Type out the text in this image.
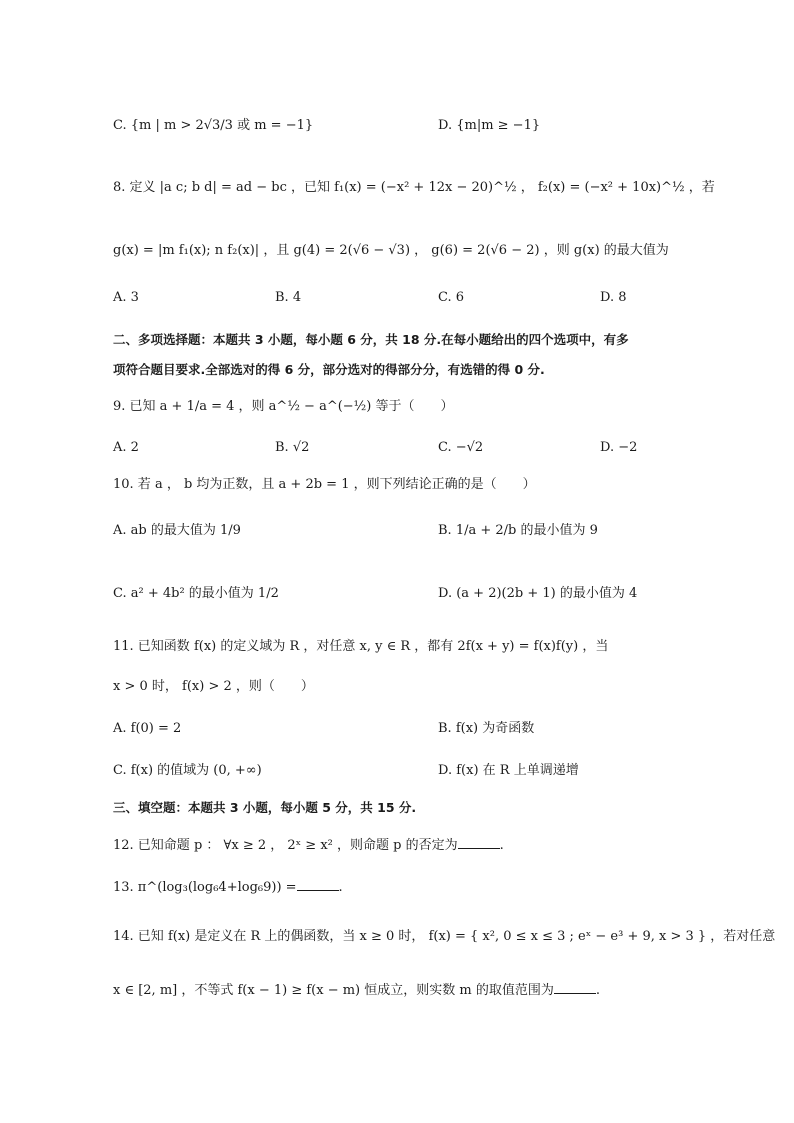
C. {m | m > 2√3/3 或 m = −1}	D. {m|m ≥ −1}
8. 定义 |a c; b d| = ad − bc ，已知 f₁(x) = (−x² + 12x − 20)^½ ， f₂(x) = (−x² + 10x)^½ ，若
g(x) = |m f₁(x); n f₂(x)| ，且 g(4) = 2(√6 − √3) ， g(6) = 2(√6 − 2) ，则 g(x) 的最大值为
A. 3	B. 4	C. 6	D. 8
二、多项选择题：本题共 3 小题，每小题 6 分，共 18 分.在每小题给出的四个选项中，有多
项符合题目要求.全部选对的得 6 分，部分选对的得部分分，有选错的得 0 分.
9. 已知 a + 1/a = 4 ，则 a^½ − a^(−½) 等于（　　）
A. 2	B. √2	C. −√2	D. −2
10. 若 a ， b 均为正数，且 a + 2b = 1 ，则下列结论正确的是（　　）
A. ab 的最大值为 1/9	B. 1/a + 2/b 的最小值为 9
C. a² + 4b² 的最小值为 1/2	D. (a + 2)(2b + 1) 的最小值为 4
11. 已知函数 f(x) 的定义域为 R ，对任意 x, y ∈ R ，都有 2f(x + y) = f(x)f(y) ，当
x > 0 时， f(x) > 2 ，则（　　）
A. f(0) = 2	B. f(x) 为奇函数
C. f(x) 的值域为 (0, +∞)	D. f(x) 在 R 上单调递增
三、填空题：本题共 3 小题，每小题 5 分，共 15 分.
12. 已知命题 p ： ∀x ≥ 2 ， 2ˣ ≥ x² ，则命题 p 的否定为	.
13. π^(log₃(log₆4+log₆9)) =	.
14. 已知 f(x) 是定义在 R 上的偶函数，当 x ≥ 0 时， f(x) = { x², 0 ≤ x ≤ 3 ; eˣ − e³ + 9, x > 3 } ，若对任意
x ∈ [2, m] ，不等式 f(x − 1) ≥ f(x − m) 恒成立，则实数 m 的取值范围为	.
